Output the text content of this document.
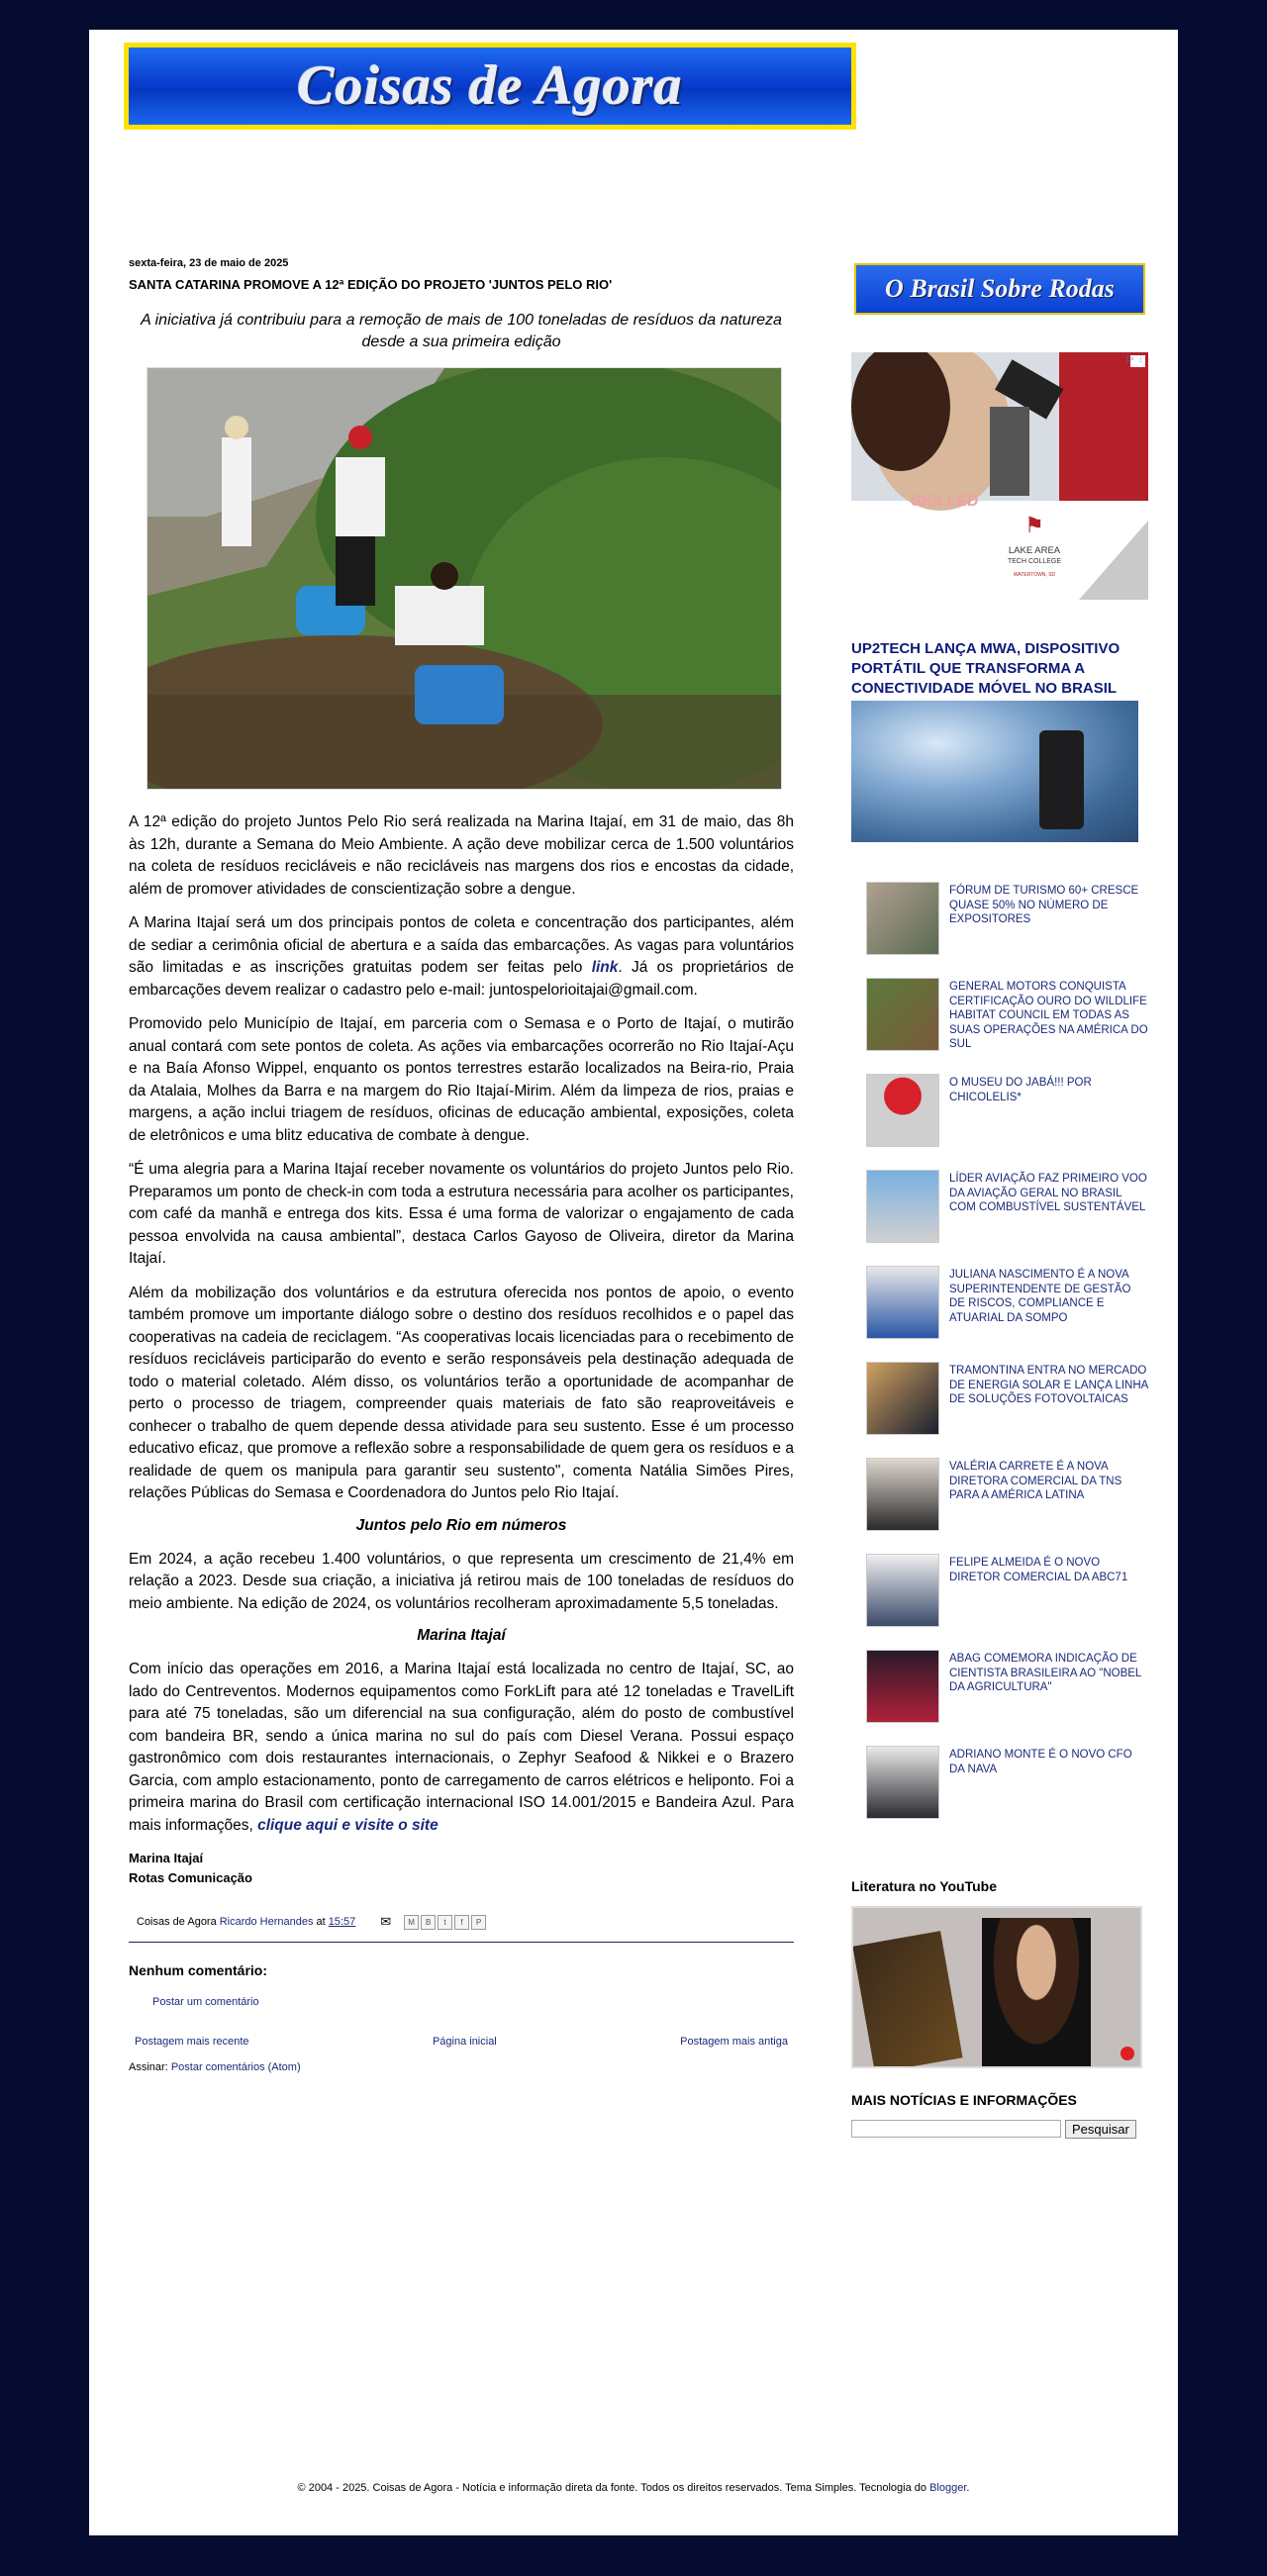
Coisas de Agora
sexta-feira, 23 de maio de 2025
SANTA CATARINA PROMOVE A 12ª EDIÇÃO DO PROJETO 'JUNTOS PELO RIO'
A iniciativa já contribuiu para a remoção de mais de 100 toneladas de resíduos da natureza desde a sua primeira edição

A 12ª edição do projeto Juntos Pelo Rio será realizada na Marina Itajaí, em 31 de maio, das 8h às 12h, durante a Semana do Meio Ambiente. A ação deve mobilizar cerca de 1.500 voluntários na coleta de resíduos recicláveis e não recicláveis nas margens dos rios e encostas da cidade, além de promover atividades de conscientização sobre a dengue.

A Marina Itajaí será um dos principais pontos de coleta e concentração dos participantes, além de sediar a cerimônia oficial de abertura e a saída das embarcações. As vagas para voluntários são limitadas e as inscrições gratuitas podem ser feitas pelo link. Já os proprietários de embarcações devem realizar o cadastro pelo e-mail: juntospelorioitajai@gmail.com.

Promovido pelo Município de Itajaí, em parceria com o Semasa e o Porto de Itajaí, o mutirão anual contará com sete pontos de coleta. As ações via embarcações ocorrerão no Rio Itajaí-Açu e na Baía Afonso Wippel, enquanto os pontos terrestres estarão localizados na Beira-rio, Praia da Atalaia, Molhes da Barra e na margem do Rio Itajaí-Mirim. Além da limpeza de rios, praias e margens, a ação inclui triagem de resíduos, oficinas de educação ambiental, exposições, coleta de eletrônicos e uma blitz educativa de combate à dengue.

“É uma alegria para a Marina Itajaí receber novamente os voluntários do projeto Juntos pelo Rio. Preparamos um ponto de check-in com toda a estrutura necessária para acolher os participantes, com café da manhã e entrega dos kits. Essa é uma forma de valorizar o engajamento de cada pessoa envolvida na causa ambiental”, destaca Carlos Gayoso de Oliveira, diretor da Marina Itajaí.

Além da mobilização dos voluntários e da estrutura oferecida nos pontos de apoio, o evento também promove um importante diálogo sobre o destino dos resíduos recolhidos e o papel das cooperativas na cadeia de reciclagem. “As cooperativas locais licenciadas para o recebimento de resíduos recicláveis participarão do evento e serão responsáveis pela destinação adequada de todo o material coletado. Além disso, os voluntários terão a oportunidade de acompanhar de perto o processo de triagem, compreender quais materiais de fato são reaproveitáveis e conhecer o trabalho de quem depende dessa atividade para seu sustento. Esse é um processo educativo eficaz, que promove a reflexão sobre a responsabilidade de quem gera os resíduos e a realidade de quem os manipula para garantir seu sustento", comenta Natália Simões Pires, relações Públicas do Semasa e Coordenadora do Juntos pelo Rio Itajaí.

Juntos pelo Rio em números

Em 2024, a ação recebeu 1.400 voluntários, o que representa um crescimento de 21,4% em relação a 2023. Desde sua criação, a iniciativa já retirou mais de 100 toneladas de resíduos do meio ambiente. Na edição de 2024, os voluntários recolheram aproximadamente 5,5 toneladas.

Marina Itajaí

Com início das operações em 2016, a Marina Itajaí está localizada no centro de Itajaí, SC, ao lado do Centreventos. Modernos equipamentos como ForkLift para até 12 toneladas e TravelLift para até 75 toneladas, são um diferencial na sua configuração, além do posto de combustível com bandeira BR, sendo a única marina no sul do país com Diesel Verana. Possui espaço gastronômico com dois restaurantes internacionais, o Zephyr Seafood & Nikkei e o Brazero Garcia, com amplo estacionamento, ponto de carregamento de carros elétricos e heliponto. Foi a primeira marina do Brasil com certificação internacional ISO 14.001/2015 e Bandeira Azul. Para mais informações, clique aqui e visite o site

Marina Itajaí
Rotas Comunicação
Coisas de Agora Ricardo Hernandes at 15:57 ✉	M	B	t	f	P
Nenhum comentário:
Postar um comentário
Postagem mais recente	Página inicial	Postagem mais antiga
Assinar: Postar comentários (Atom)
O Brasil Sobre Rodas
SKILLED
⚑
LAKE AREA
TECH COLLEGE
WATERTOWN, SD
▷ ⋮
UP2TECH LANÇA MWA, DISPOSITIVO PORTÁTIL QUE TRANSFORMA A CONECTIVIDADE MÓVEL NO BRASIL
FÓRUM DE TURISMO 60+ CRESCE QUASE 50% NO NÚMERO DE EXPOSITORES
GENERAL MOTORS CONQUISTA CERTIFICAÇÃO OURO DO WILDLIFE HABITAT COUNCIL EM TODAS AS SUAS OPERAÇÕES NA AMÉRICA DO SUL
O MUSEU DO JABÁ!!! POR CHICOLELIS*
LÍDER AVIAÇÃO FAZ PRIMEIRO VOO DA AVIAÇÃO GERAL NO BRASIL COM COMBUSTÍVEL SUSTENTÁVEL
JULIANA NASCIMENTO É A NOVA SUPERINTENDENTE DE GESTÃO DE RISCOS, COMPLIANCE E ATUARIAL DA SOMPO
TRAMONTINA ENTRA NO MERCADO DE ENERGIA SOLAR E LANÇA LINHA DE SOLUÇÕES FOTOVOLTAICAS
VALÉRIA CARRETE É A NOVA DIRETORA COMERCIAL DA TNS PARA A AMÉRICA LATINA
FELIPE ALMEIDA É O NOVO DIRETOR COMERCIAL DA ABC71
ABAG COMEMORA INDICAÇÃO DE CIENTISTA BRASILEIRA AO "NOBEL DA AGRICULTURA"
ADRIANO MONTE É O NOVO CFO DA NAVA
Literatura no YouTube
MAIS NOTÍCIAS E INFORMAÇÕES
Pesquisar
© 2004 - 2025. Coisas de Agora - Notícia e informação direta da fonte. Todos os direitos reservados. Tema Simples. Tecnologia do Blogger.
